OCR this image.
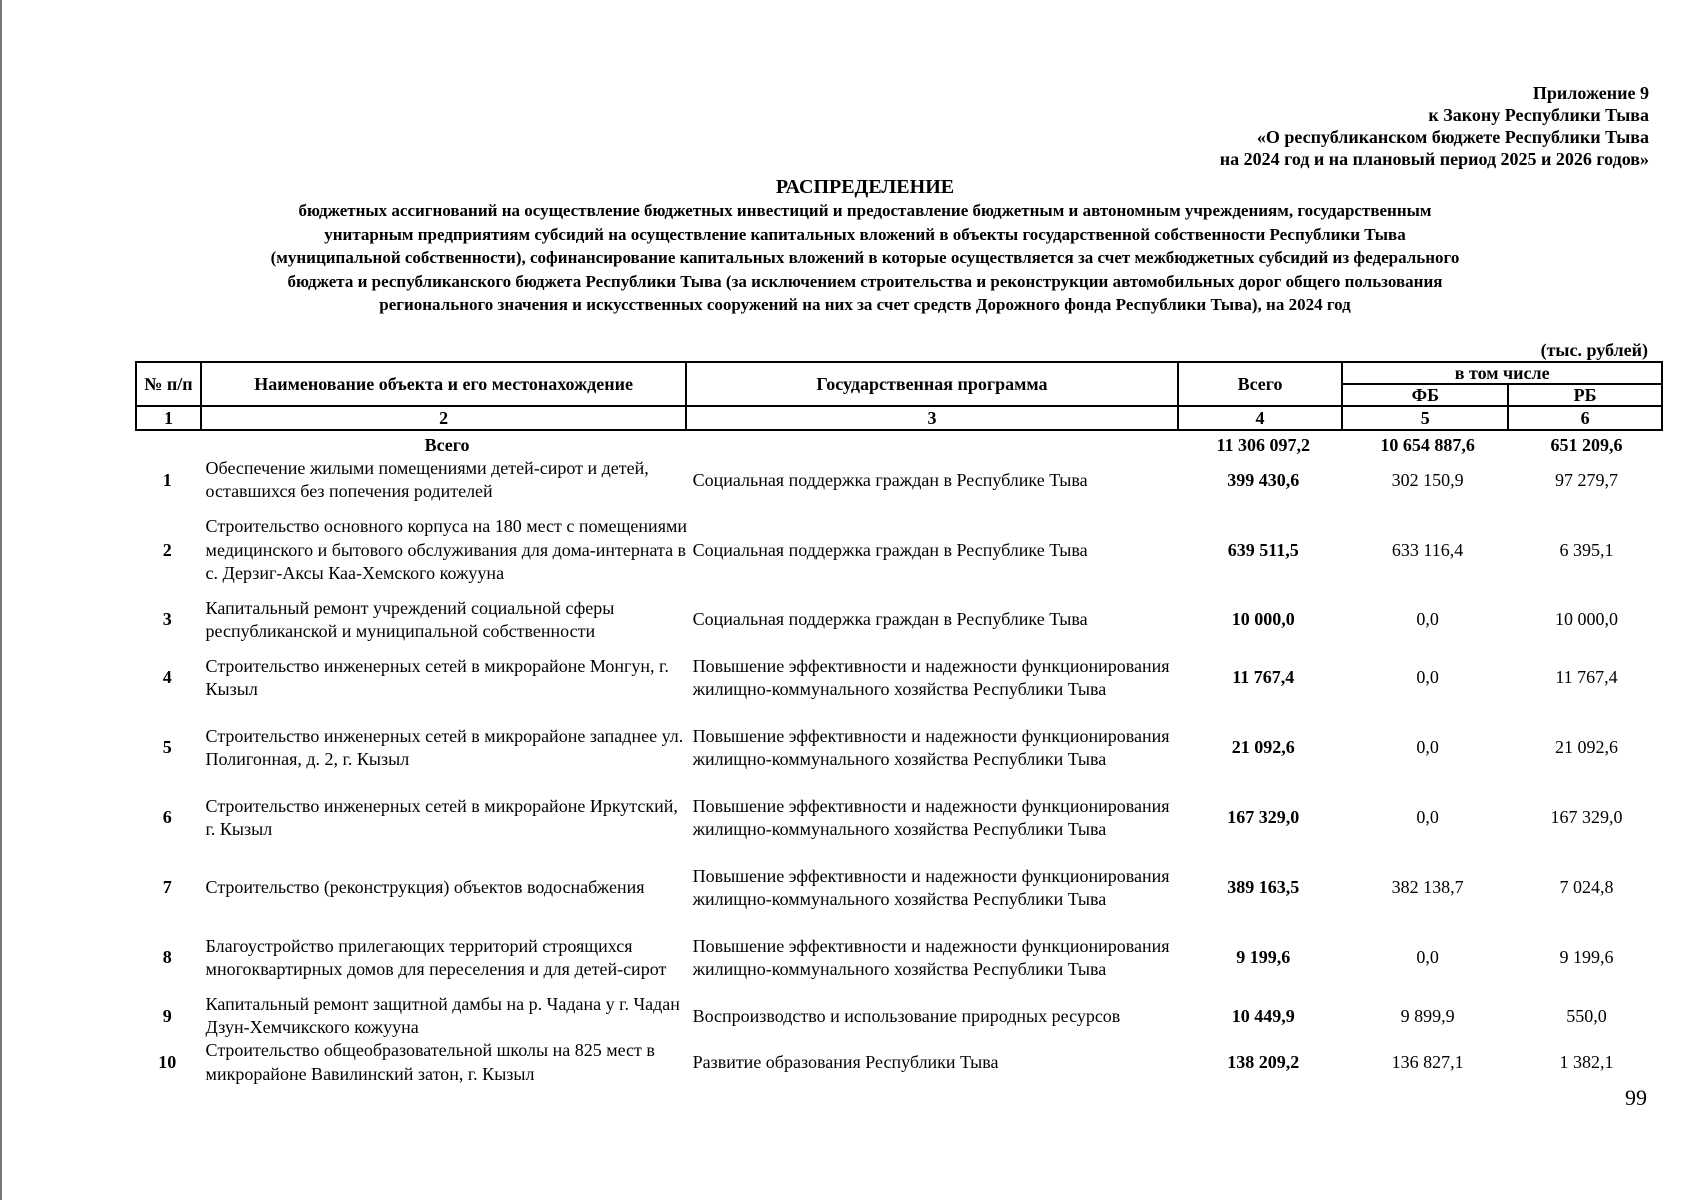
Приложение 9
к Закону Республики Тыва
«О республиканском бюджете Республики Тыва
на 2024 год и на плановый период 2025 и 2026 годов»
РАСПРЕДЕЛЕНИЕ
бюджетных ассигнований на осуществление бюджетных инвестиций и предоставление бюджетным и автономным учреждениям, государственным
унитарным предприятиям субсидий на осуществление капитальных вложений в объекты государственной собственности Республики Тыва
(муниципальной собственности), софинансирование капитальных вложений в которые осуществляется за счет межбюджетных субсидий из федерального
бюджета и республиканского бюджета Республики Тыва (за исключением строительства и реконструкции автомобильных дорог общего пользования
регионального значения и искусственных сооружений на них за счет средств Дорожного фонда Республики Тыва), на 2024 год
(тыс. рублей)
№ п/п	Наименование объекта и его местонахождение	Государственная программа	Всего	в том числе	
				ФБ	РБ
1	2	3	4	5	6
	Всего		11 306 097,2	10 654 887,6	651 209,6
1	Обеспечение жилыми помещениями детей-сирот и детей, оставшихся без попечения родителей	Социальная поддержка граждан в Республике Тыва	399 430,6	302 150,9	97 279,7
2	Строительство основного корпуса на 180 мест с помещениями медицинского и бытового обслуживания для дома-интерната в с. Дерзиг-Аксы Каа-Хемского кожууна	Социальная поддержка граждан в Республике Тыва	639 511,5	633 116,4	6 395,1
3	Капитальный ремонт учреждений социальной сферы республиканской и муниципальной собственности	Социальная поддержка граждан в Республике Тыва	10 000,0	0,0	10 000,0
4	Строительство инженерных сетей в микрорайоне Монгун, г. Кызыл	Повышение эффективности и надежности функционирования жилищно-коммунального хозяйства Республики Тыва	11 767,4	0,0	11 767,4
5	Строительство инженерных сетей в микрорайоне западнее ул. Полигонная, д. 2, г. Кызыл	Повышение эффективности и надежности функционирования жилищно-коммунального хозяйства Республики Тыва	21 092,6	0,0	21 092,6
6	Строительство инженерных сетей в микрорайоне Иркутский, г. Кызыл	Повышение эффективности и надежности функционирования жилищно-коммунального хозяйства Республики Тыва	167 329,0	0,0	167 329,0
7	Строительство (реконструкция) объектов водоснабжения	Повышение эффективности и надежности функционирования жилищно-коммунального хозяйства Республики Тыва	389 163,5	382 138,7	7 024,8
8	Благоустройство прилегающих территорий строящихся многоквартирных домов для переселения и для детей-сирот	Повышение эффективности и надежности функционирования жилищно-коммунального хозяйства Республики Тыва	9 199,6	0,0	9 199,6
9	Капитальный ремонт защитной дамбы на р. Чадана у г. Чадан Дзун-Хемчикского кожууна	Воспроизводство и использование природных ресурсов	10 449,9	9 899,9	550,0
10	Строительство общеобразовательной школы на 825 мест в микрорайоне Вавилинский затон, г. Кызыл	Развитие образования Республики Тыва	138 209,2	136 827,1	1 382,1
99
